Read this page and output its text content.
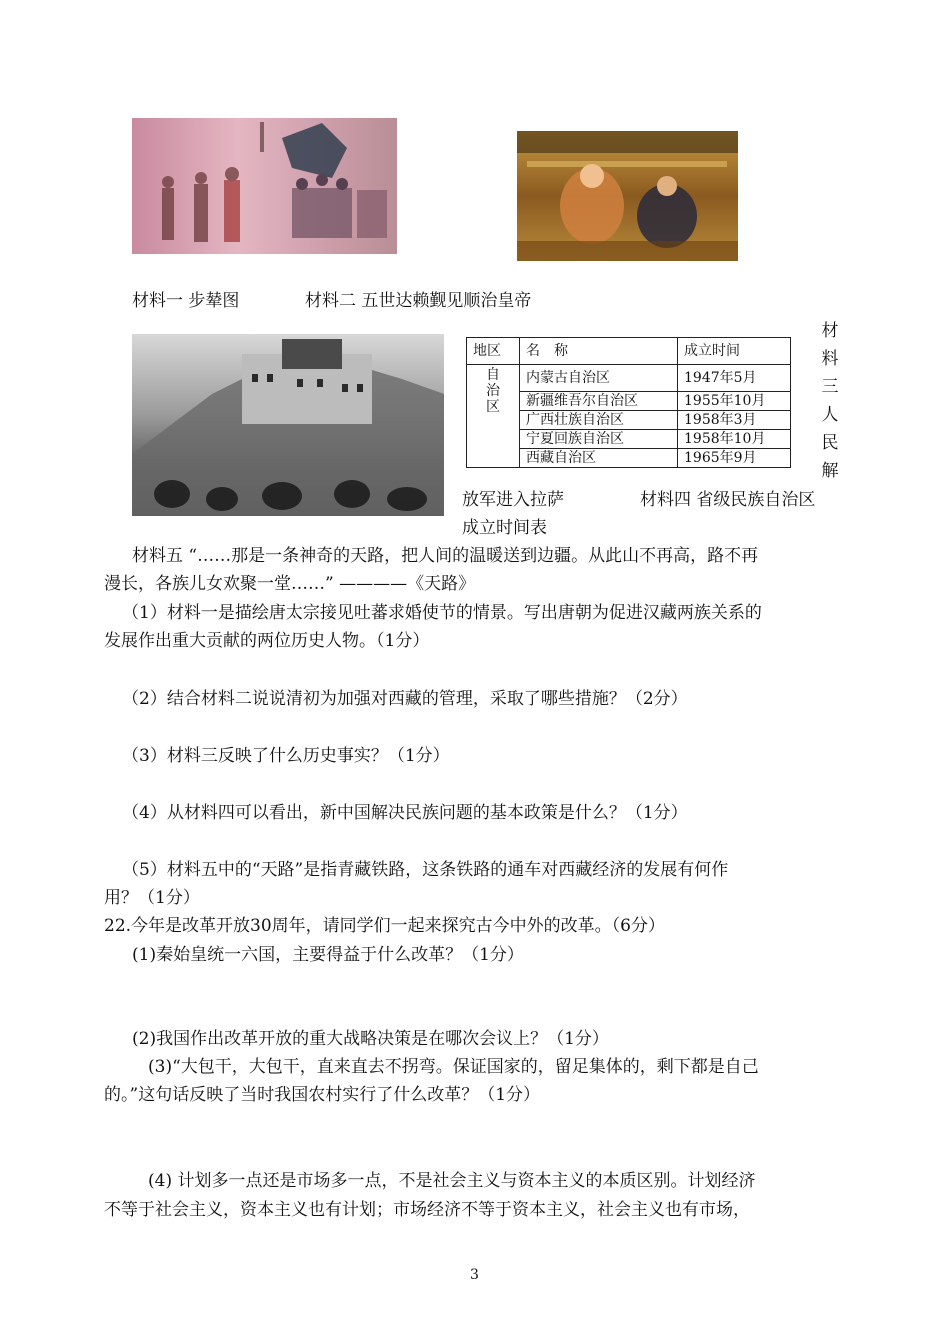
材料一 步辇图	材料二 五世达赖觐见顺治皇帝
地区	名　称	成立时间
自治区	内蒙古自治区	1947年5月
	新疆维吾尔自治区	1955年10月
	广西壮族自治区	1958年3月
	宁夏回族自治区	1958年10月
	西藏自治区	1965年9月
材
料
三
人
民
解
放军进入拉萨	材料四 省级民族自治区
成立时间表
材料五 “……那是一条神奇的天路，把人间的温暖送到边疆。从此山不再高，路不再
漫长，各族儿女欢聚一堂……” ————《天路》
（1）材料一是描绘唐太宗接见吐蕃求婚使节的情景。写出唐朝为促进汉藏两族关系的
发展作出重大贡献的两位历史人物。（1分）
（2）结合材料二说说清初为加强对西藏的管理，采取了哪些措施？（2分）
（3）材料三反映了什么历史事实？（1分）
（4）从材料四可以看出，新中国解决民族问题的基本政策是什么？（1分）
（5）材料五中的“天路”是指青藏铁路，这条铁路的通车对西藏经济的发展有何作
用？（1分）
22.今年是改革开放30周年，请同学们一起来探究古今中外的改革。（6分）
(1)秦始皇统一六国，主要得益于什么改革？（1分）
(2)我国作出改革开放的重大战略决策是在哪次会议上？（1分）
(3)“大包干，大包干，直来直去不拐弯。保证国家的，留足集体的，剩下都是自己
的。”这句话反映了当时我国农村实行了什么改革？（1分）
(4) 计划多一点还是市场多一点，不是社会主义与资本主义的本质区别。计划经济
不等于社会主义，资本主义也有计划；市场经济不等于资本主义，社会主义也有市场，
3
